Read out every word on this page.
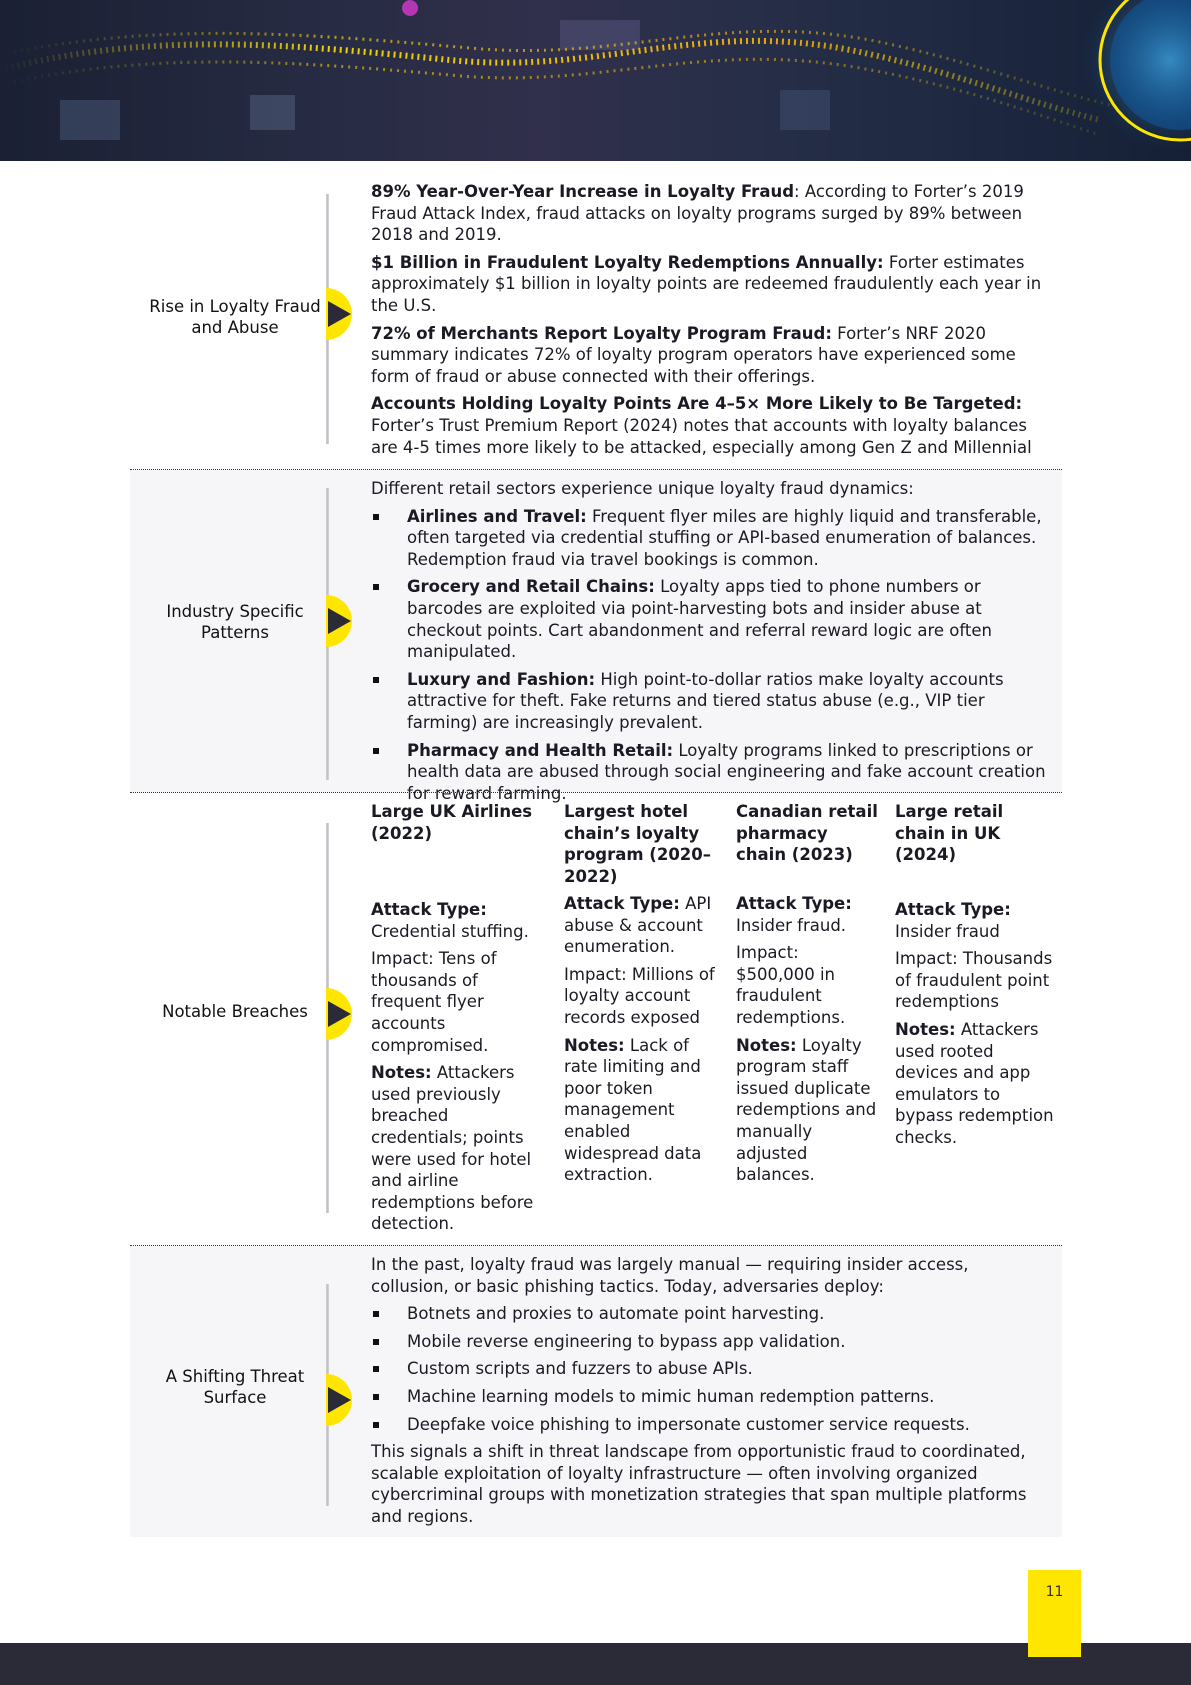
Rise in Loyalty Fraud and Abuse

89% Year-Over-Year Increase in Loyalty Fraud: According to Forter’s 2019 Fraud Attack Index, fraud attacks on loyalty programs surged by 89% between 2018 and 2019.

$1 Billion in Fraudulent Loyalty Redemptions Annually: Forter estimates approximately $1 billion in loyalty points are redeemed fraudulently each year in the U.S.

72% of Merchants Report Loyalty Program Fraud: Forter’s NRF 2020 summary indicates 72% of loyalty program operators have experienced some form of fraud or abuse connected with their offerings.

Accounts Holding Loyalty Points Are 4–5× More Likely to Be Targeted: Forter’s Trust Premium Report (2024) notes that accounts with loyalty balances are 4-5 times more likely to be attacked, especially among Gen Z and Millennial

Industry Specific Patterns

Different retail sectors experience unique loyalty fraud dynamics:

Airlines and Travel: Frequent flyer miles are highly liquid and transferable, often targeted via credential stuffing or API-based enumeration of balances. Redemption fraud via travel bookings is common.
Grocery and Retail Chains: Loyalty apps tied to phone numbers or barcodes are exploited via point-harvesting bots and insider abuse at checkout points. Cart abandonment and referral reward logic are often manipulated.
Luxury and Fashion: High point-to-dollar ratios make loyalty accounts attractive for theft. Fake returns and tiered status abuse (e.g., VIP tier farming) are increasingly prevalent.
Pharmacy and Health Retail: Loyalty programs linked to prescriptions or health data are abused through social engineering and fake account creation for reward farming.
Notable Breaches
Large UK Airlines (2022)

Attack Type:
Credential stuffing.

Impact: Tens of thousands of frequent flyer accounts compromised.

Notes: Attackers used previously breached credentials; points were used for hotel and airline redemptions before detection.

Largest hotel chain’s loyalty program (2020–2022)

Attack Type: API abuse & account enumeration.

Impact: Millions of loyalty account records exposed

Notes: Lack of rate limiting and poor token management enabled widespread data extraction.

Canadian retail pharmacy chain (2023)

Attack Type:
Insider fraud.

Impact: $500,000 in fraudulent redemptions.

Notes: Loyalty program staff issued duplicate redemptions and manually adjusted balances.

Large retail chain in UK (2024)

Attack Type:
Insider fraud

Impact: Thousands of fraudulent point redemptions

Notes: Attackers used rooted devices and app emulators to bypass redemption checks.

A Shifting Threat Surface

In the past, loyalty fraud was largely manual — requiring insider access, collusion, or basic phishing tactics. Today, adversaries deploy:

Botnets and proxies to automate point harvesting.
Mobile reverse engineering to bypass app validation.
Custom scripts and fuzzers to abuse APIs.
Machine learning models to mimic human redemption patterns.
Deepfake voice phishing to impersonate customer service requests.

This signals a shift in threat landscape from opportunistic fraud to coordinated, scalable exploitation of loyalty infrastructure — often involving organized cybercriminal groups with monetization strategies that span multiple platforms and regions.

11
